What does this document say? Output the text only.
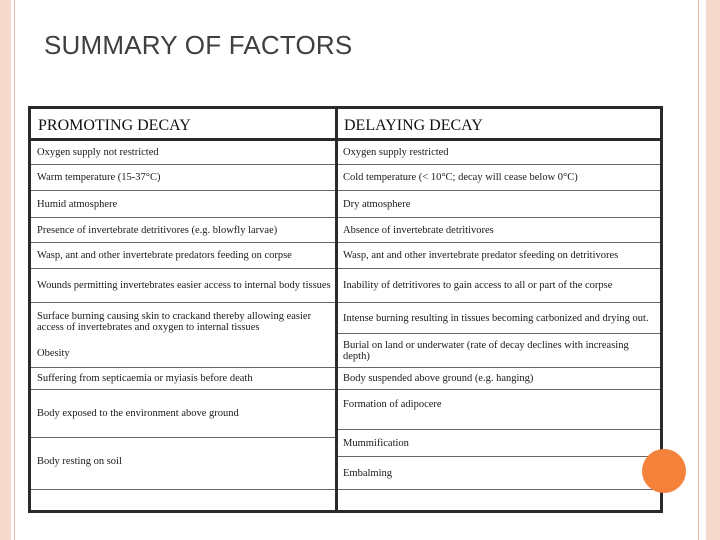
SUMMARY OF FACTORS
PROMOTING DECAY	DELAYING DECAY
Oxygen supply not restricted
Warm temperature (15-37°C)
Humid atmosphere
Presence of invertebrate detritivores (e.g. blowfly larvae)
Wasp, ant and other invertebrate predators feeding on corpse
Wounds permitting invertebrates easier access to internal body tissues
Surface burning causing skin to crackand thereby allowing easier access of invertebrates and oxygen to internal tissues
Obesity
Suffering from septicaemia or myiasis before death
Body exposed to the environment above ground
Body resting on soil
Oxygen supply restricted
Cold temperature (< 10°C; decay will cease below 0°C)
Dry atmosphere
Absence of invertebrate detritivores
Wasp, ant and other invertebrate predator sfeeding on detritivores
Inability of detritivores to gain access to all or part of the corpse
Intense burning resulting in tissues becoming carbonized and drying out.
Burial on land or underwater (rate of decay declines with increasing depth)
Body suspended above ground (e.g. hanging)
Formation of adipocere
Mummification
Embalming
